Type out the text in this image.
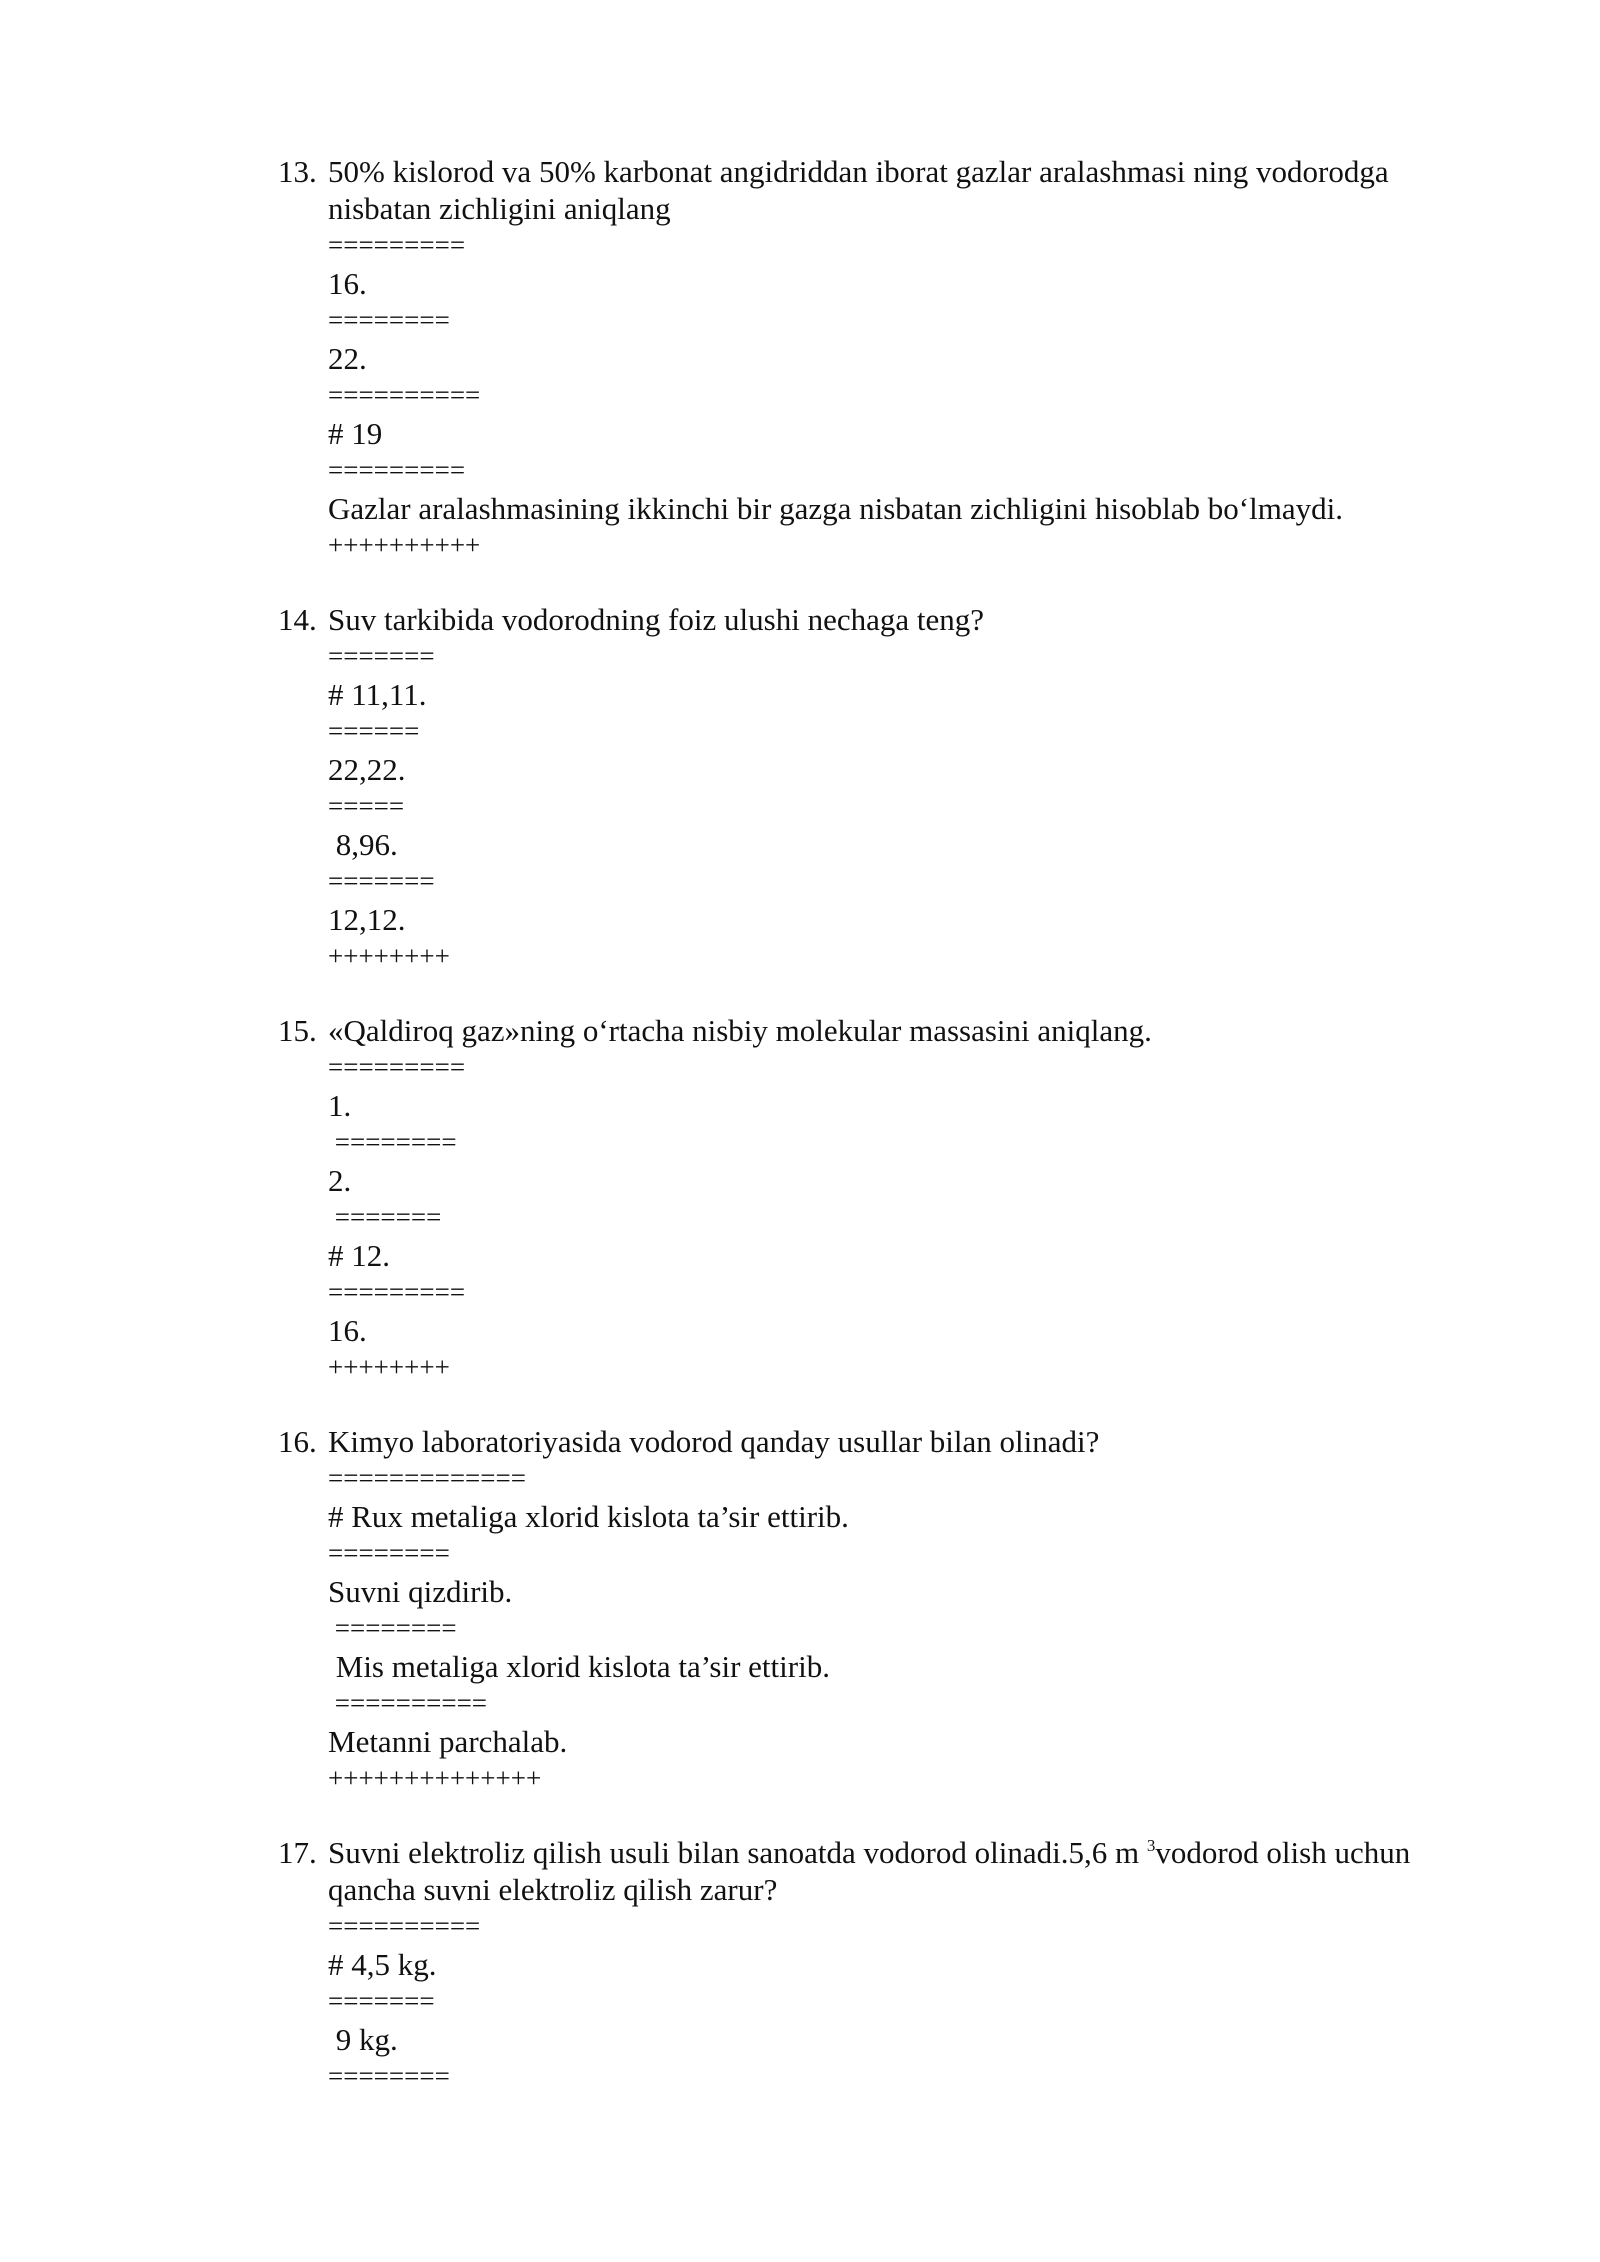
13. 50% kislorod va 50% karbonat angidriddan iborat gazlar aralashmasi ning vodorodga nisbatan zichligini aniqlang
=========
16.
========
22.
==========
# 19
=========
Gazlar aralashmasining ikkinchi bir gazga nisbatan zichligini hisoblab bo‘lmaydi.
++++++++++
14. Suv tarkibida vodorodning foiz ulushi nechaga teng?
=======
# 11,11.
======
22,22.
=====
8,96.
=======
12,12.
++++++++
15. «Qaldiroq gaz»ning o‘rtacha nisbiy molekular massasini aniqlang.
=========
1.
========
2.
=======
# 12.
=========
16.
++++++++
16. Kimyo laboratoriyasida vodorod qanday usullar bilan olinadi?
=============
# Rux metaliga xlorid kislota ta’sir ettirib.
========
Suvni qizdirib.
========
Mis metaliga xlorid kislota ta’sir ettirib.
==========
Metanni parchalab.
++++++++++++++
17. Suvni elektroliz qilish usuli bilan sanoatda vodorod olinadi.5,6 m $^3$vodorod olish uchun qancha suvni elektroliz qilish zarur?
==========
# 4,5 kg.
=======
9 kg.
========
